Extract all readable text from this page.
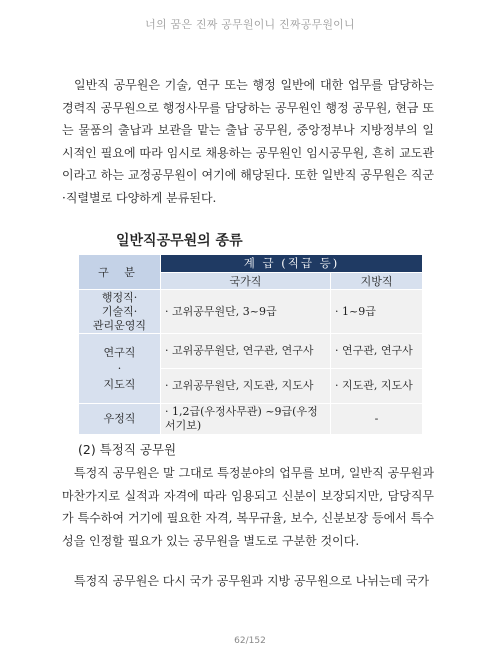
너의 꿈은 진짜 공무원이니 진짜공무원이니

일반직 공무원은 기술, 연구 또는 행정 일반에 대한 업무를 담당하는 경력직 공무원으로 행정사무를 담당하는 공무원인 행정 공무원, 현금 또는 물품의 출납과 보관을 맡는 출납 공무원, 중앙정부나 지방정부의 일시적인 필요에 따라 임시로 채용하는 공무원인 임시공무원, 흔히 교도관이라고 하는 교정공무원이 여기에 해당된다. 또한 일반직 공무원은 직군·직렬별로 다양하게 분류된다.

일반직공무원의 종류
구 분	계 급 (직급 등)	
	국가직	지방직
행정직·
기술직·
관리운영직	· 고위공무원단, 3~9급	· 1~9급
연구직
·
지도직	· 고위공무원단, 연구관, 연구사	· 연구관, 연구사
	· 고위공무원단, 지도관, 지도사	· 지도관, 지도사
우정직	· 1,2급(우정사무관) ~9급(우정서기보)	-
(2) 특정직 공무원

특정직 공무원은 말 그대로 특정분야의 업무를 보며, 일반직 공무원과 마찬가지로 실적과 자격에 따라 임용되고 신분이 보장되지만, 담당직무가 특수하여 거기에 필요한 자격, 복무규율, 보수, 신분보장 등에서 특수성을 인정할 필요가 있는 공무원을 별도로 구분한 것이다.

특정직 공무원은 다시 국가 공무원과 지방 공무원으로 나뉘는데 국가

62/152
